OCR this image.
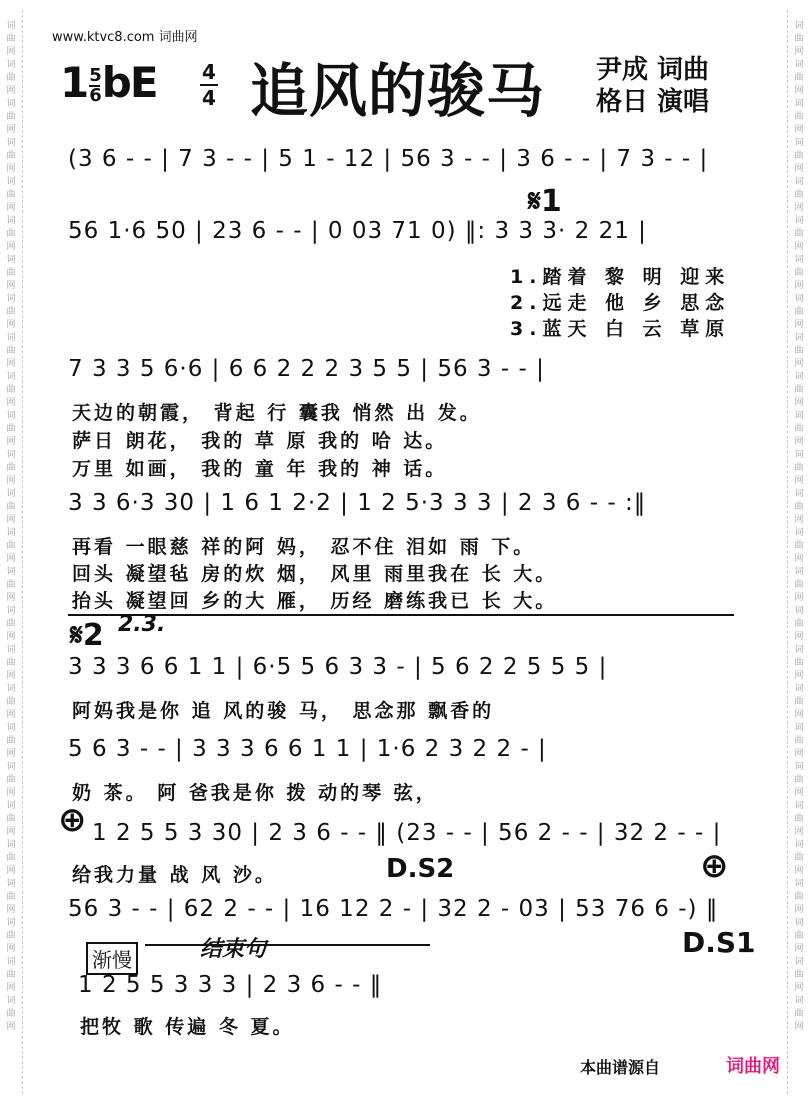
词曲网词曲网词曲网词曲网词曲网词曲网词曲网词曲网词曲网词曲网词曲网词曲网词曲网词曲网词曲网词曲网词曲网词曲网词曲网词曲网词曲网词曲网词曲网词曲网词曲网词曲网
词曲网词曲网词曲网词曲网词曲网词曲网词曲网词曲网词曲网词曲网词曲网词曲网词曲网词曲网词曲网词曲网词曲网词曲网词曲网词曲网词曲网词曲网词曲网词曲网词曲网词曲网
www.ktvc8.com 词曲网
$1 \frac{5}{6}$ bE 4
4 追风的骏马 尹成 词曲
格日 演唱
(3 6 - - | 7 3 - - | 5 1 - 12 | 56 3 - - | 3 6 - - | 7 3 - - |
56 1·6 50 | 23 6 - - | 0 03 71 0) ‖: 3 3 3· 2 21 |
𝄋1
1.踏着 黎 明 迎来
2.远走 他 乡 思念
3.蓝天 白 云 草原
7 3 3 5 6·6 | 6 6 2 2 2 3 5 5 | 56 3 - - |
天边的朝霞， 背起 行 囊我 悄然 出 发。
萨日 朗花， 我的 草 原 我的 哈 达。
万里 如画， 我的 童 年 我的 神 话。
3 3 6·3 30 | 1 6 1 2·2 | 1 2 5·3 3 3 | 2 3 6 - - :‖
再看 一眼慈 祥的阿 妈， 忍不住 泪如 雨 下。
回头 凝望毡 房的炊 烟， 风里 雨里我在 长 大。
抬头 凝望回 乡的大 雁， 历经 磨练我已 长 大。
2.3.
𝄋2
3 3 3 6 6 1 1 | 6·5 5 6 3 3 - | 5 6 2 2 5 5 5 |
阿妈我是你 追 风的骏 马， 思念那 飘香的
5 6 3 - - | 3 3 3 6 6 1 1 | 1·6 2 3 2 2 - |
奶 茶。 阿 爸我是你 拨 动的琴 弦，
⊕ 1 2 5 5 3 30 | 2 3 6 - - ‖ (23 - - | 56 2 - - | 32 2 - - |
给我力量 战 风 沙。	D.S2	⊕
56 3 - - | 62 2 - - | 16 12 2 - | 32 2 - 03 | 53 76 6 -) ‖
D.S1
渐慢	结束句
1 2 5 5 3 3 3 | 2 3 6 - - ‖
把牧 歌 传遍 冬 夏。
本曲谱源自	词曲网
